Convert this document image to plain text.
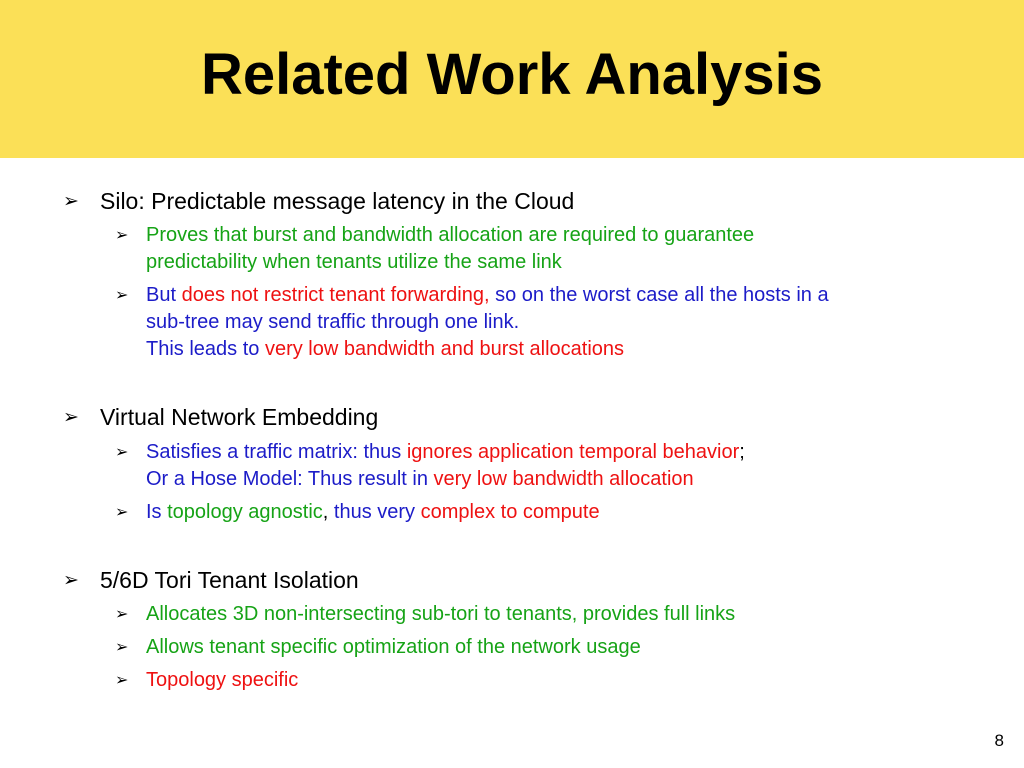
Related Work Analysis
➢ Silo: Predictable message latency in the Cloud
➢ Proves that burst and bandwidth allocation are required to guarantee
predictability when tenants utilize the same link
➢ But does not restrict tenant forwarding, so on the worst case all the hosts in a
sub-tree may send traffic through one link.
This leads to very low bandwidth and burst allocations
➢ Virtual Network Embedding
➢ Satisfies a traffic matrix: thus ignores application temporal behavior;
Or a Hose Model: Thus result in very low bandwidth allocation
➢ Is topology agnostic, thus very complex to compute
➢ 5/6D Tori Tenant Isolation
➢ Allocates 3D non-intersecting sub-tori to tenants, provides full links
➢ Allows tenant specific optimization of the network usage
➢ Topology specific
8
